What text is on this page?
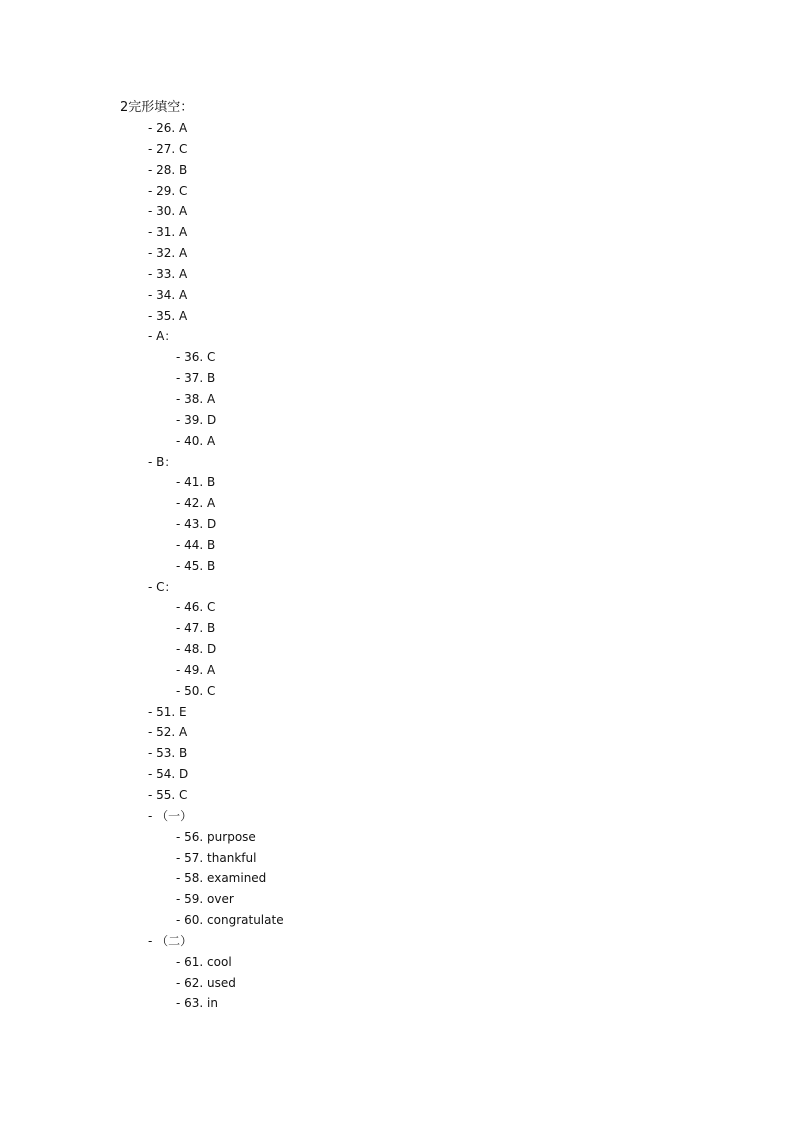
2完形填空：
- 26. A
- 27. C
- 28. B
- 29. C
- 30. A
- 31. A
- 32. A
- 33. A
- 34. A
- 35. A
- A：
- 36. C
- 37. B
- 38. A
- 39. D
- 40. A
- B：
- 41. B
- 42. A
- 43. D
- 44. B
- 45. B
- C：
- 46. C
- 47. B
- 48. D
- 49. A
- 50. C
- 51. E
- 52. A
- 53. B
- 54. D
- 55. C
- （一）
- 56. purpose
- 57. thankful
- 58. examined
- 59. over
- 60. congratulate
- （二）
- 61. cool
- 62. used
- 63. in
